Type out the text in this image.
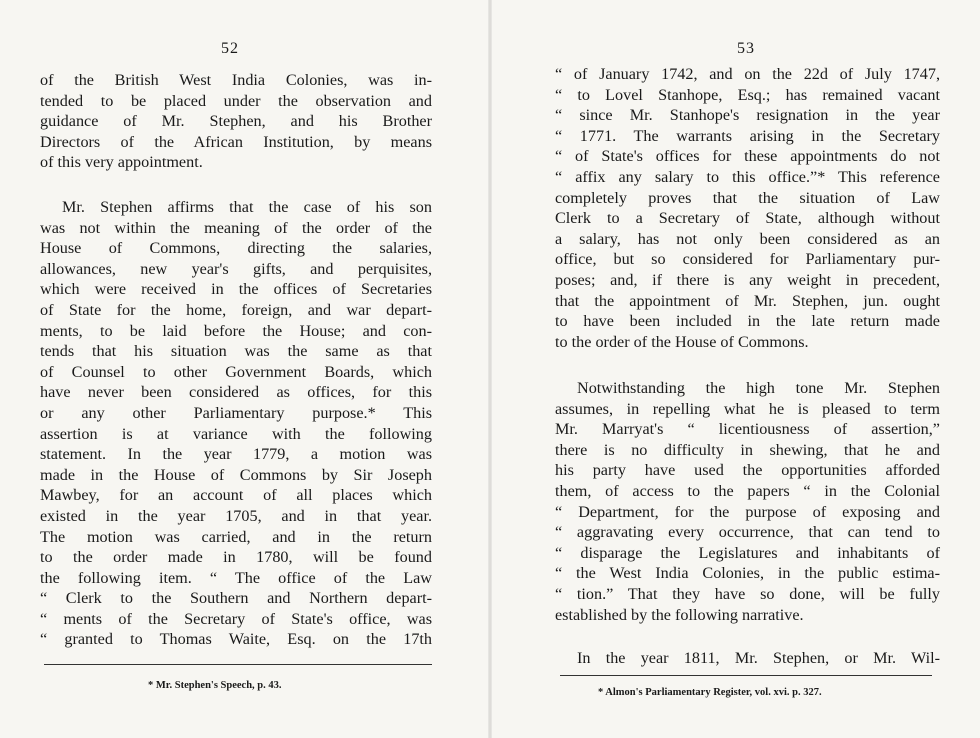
52
of the British West India Colonies, was in-
tended to be placed under the observation and
guidance of Mr. Stephen, and his Brother
Directors of the African Institution, by means
of this very appointment.
Mr. Stephen affirms that the case of his son
was not within the meaning of the order of the
House of Commons, directing the salaries,
allowances, new year's gifts, and perquisites,
which were received in the offices of Secretaries
of State for the home, foreign, and war depart-
ments, to be laid before the House; and con-
tends that his situation was the same as that
of Counsel to other Government Boards, which
have never been considered as offices, for this
or any other Parliamentary purpose.* This
assertion is at variance with the following
statement. In the year 1779, a motion was
made in the House of Commons by Sir Joseph
Mawbey, for an account of all places which
existed in the year 1705, and in that year.
The motion was carried, and in the return
to the order made in 1780, will be found
the following item. “ The office of the Law
“ Clerk to the Southern and Northern depart-
“ ments of the Secretary of State's office, was
“ granted to Thomas Waite, Esq. on the 17th
* Mr. Stephen's Speech, p. 43.
53
“ of January 1742, and on the 22d of July 1747,
“ to Lovel Stanhope, Esq.; has remained vacant
“ since Mr. Stanhope's resignation in the year
“ 1771. The warrants arising in the Secretary
“ of State's offices for these appointments do not
“ affix any salary to this office.”* This reference
completely proves that the situation of Law
Clerk to a Secretary of State, although without
a salary, has not only been considered as an
office, but so considered for Parliamentary pur-
poses; and, if there is any weight in precedent,
that the appointment of Mr. Stephen, jun. ought
to have been included in the late return made
to the order of the House of Commons.
Notwithstanding the high tone Mr. Stephen
assumes, in repelling what he is pleased to term
Mr. Marryat's “ licentiousness of assertion,”
there is no difficulty in shewing, that he and
his party have used the opportunities afforded
them, of access to the papers “ in the Colonial
“ Department, for the purpose of exposing and
“ aggravating every occurrence, that can tend to
“ disparage the Legislatures and inhabitants of
“ the West India Colonies, in the public estima-
“ tion.” That they have so done, will be fully
established by the following narrative.
In the year 1811, Mr. Stephen, or Mr. Wil-
* Almon's Parliamentary Register, vol. xvi. p. 327.
